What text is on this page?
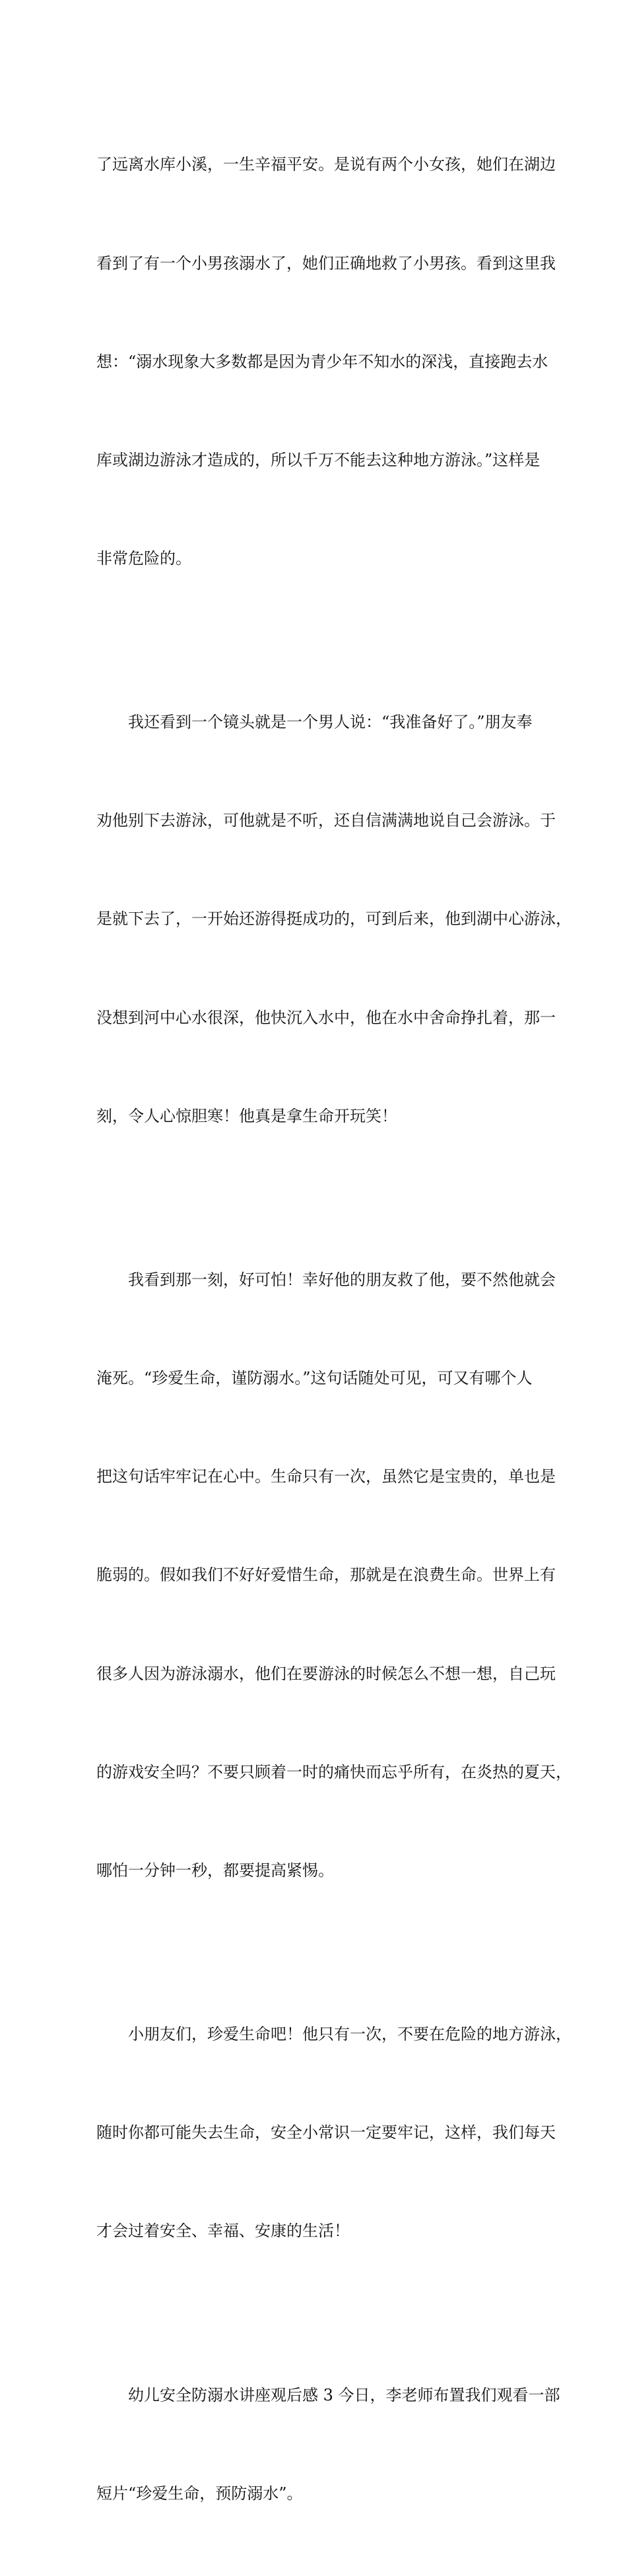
了远离水库小溪，一生辛福平安。是说有两个小女孩，她们在湖边

看到了有一个小男孩溺水了，她们正确地救了小男孩。看到这里我

想：“溺水现象大多数都是因为青少年不知水的深浅，直接跑去水

库或湖边游泳才造成的，所以千万不能去这种地方游泳。”这样是

非常危险的。

　　我还看到一个镜头就是一个男人说：“我准备好了。”朋友奉

劝他别下去游泳，可他就是不听，还自信满满地说自己会游泳。于

是就下去了，一开始还游得挺成功的，可到后来，他到湖中心游泳，

没想到河中心水很深，他快沉入水中，他在水中舍命挣扎着，那一

刻，令人心惊胆寒！他真是拿生命开玩笑！

　　我看到那一刻，好可怕！幸好他的朋友救了他，要不然他就会

淹死。“珍爱生命，谨防溺水。”这句话随处可见，可又有哪个人

把这句话牢牢记在心中。生命只有一次，虽然它是宝贵的，单也是

脆弱的。假如我们不好好爱惜生命，那就是在浪费生命。世界上有

很多人因为游泳溺水，他们在要游泳的时候怎么不想一想，自己玩

的游戏安全吗？不要只顾着一时的痛快而忘乎所有，在炎热的夏天，

哪怕一分钟一秒，都要提高紧惕。

　　小朋友们，珍爱生命吧！他只有一次，不要在危险的地方游泳，

随时你都可能失去生命，安全小常识一定要牢记，这样，我们每天

才会过着安全、幸福、安康的生活！

　　幼儿安全防溺水讲座观后感 3 今日，李老师布置我们观看一部

短片“珍爱生命，预防溺水”。
